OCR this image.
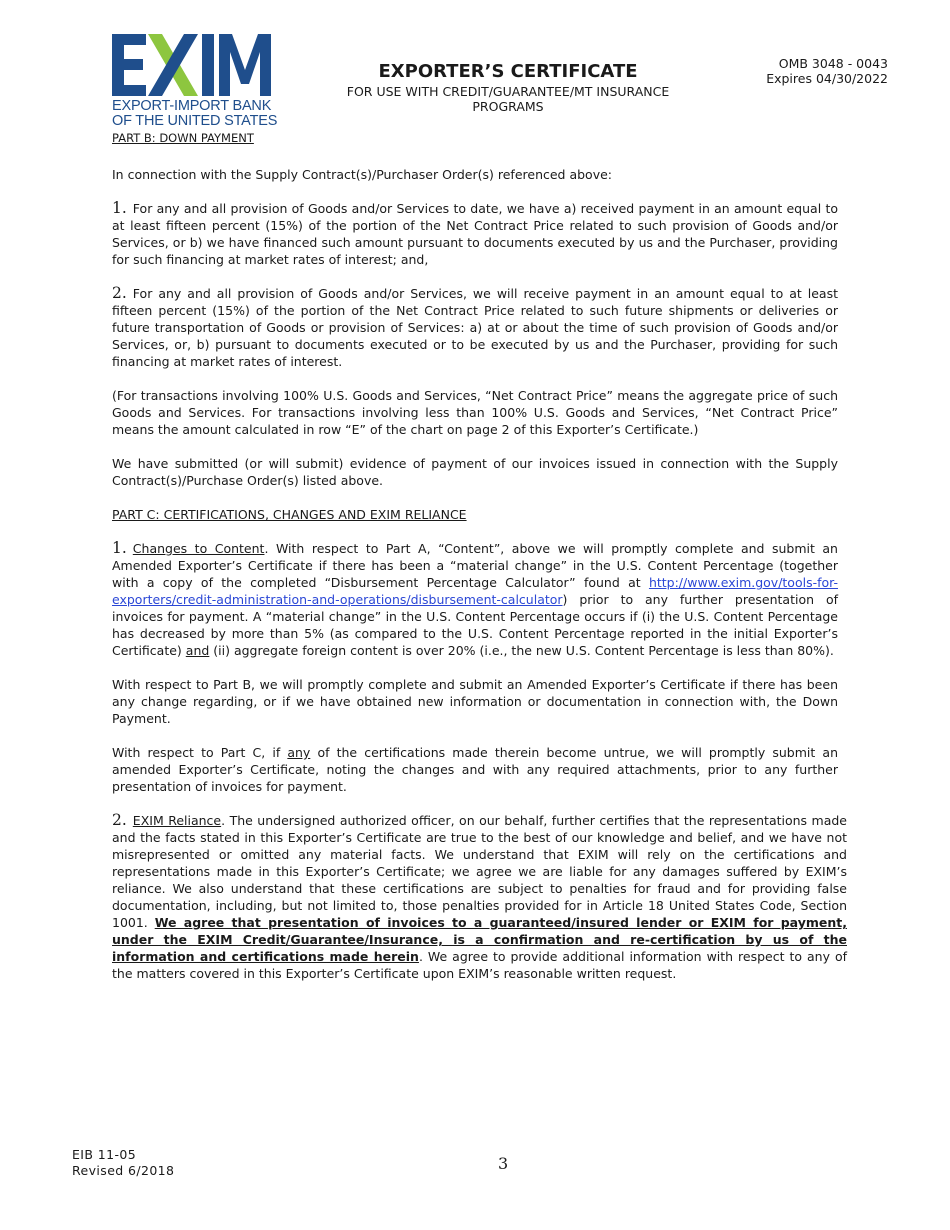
EXPORT-IMPORT BANK
OF THE UNITED STATES
PART B: DOWN PAYMENT
EXPORTER’S CERTIFICATE
FOR USE WITH CREDIT/GUARANTEE/MT INSURANCE PROGRAMS
OMB 3048 - 0043
Expires 04/30/2022

In connection with the Supply Contract(s)/Purchaser Order(s) referenced above:

1. For any and all provision of Goods and/or Services to date, we have a) received payment in an amount equal to at least fifteen percent (15%) of the portion of the Net Contract Price related to such provision of Goods and/or Services, or b) we have financed such amount pursuant to documents executed by us and the Purchaser, providing for such financing at market rates of interest; and,

2. For any and all provision of Goods and/or Services, we will receive payment in an amount equal to at least fifteen percent (15%) of the portion of the Net Contract Price related to such future shipments or deliveries or future transportation of Goods or provision of Services: a) at or about the time of such provision of Goods and/or Services, or, b) pursuant to documents executed or to be executed by us and the Purchaser, providing for such financing at market rates of interest.

(For transactions involving 100% U.S. Goods and Services, “Net Contract Price” means the aggregate price of such Goods and Services. For transactions involving less than 100% U.S. Goods and Services, “Net Contract Price” means the amount calculated in row “E” of the chart on page 2 of this Exporter’s Certificate.)

We have submitted (or will submit) evidence of payment of our invoices issued in connection with the Supply Contract(s)/Purchase Order(s) listed above.

PART C: CERTIFICATIONS, CHANGES AND EXIM RELIANCE

1. Changes to Content. With respect to Part A, “Content”, above we will promptly complete and submit an Amended Exporter’s Certificate if there has been a “material change” in the U.S. Content Percentage (together with a copy of the completed “Disbursement Percentage Calculator” found at http://www.exim.gov/tools-for-exporters/credit-administration-and-operations/disbursement-calculator) prior to any further presentation of invoices for payment. A “material change” in the U.S. Content Percentage occurs if (i) the U.S. Content Percentage has decreased by more than 5% (as compared to the U.S. Content Percentage reported in the initial Exporter’s Certificate) and (ii) aggregate foreign content is over 20% (i.e., the new U.S. Content Percentage is less than 80%).

With respect to Part B, we will promptly complete and submit an Amended Exporter’s Certificate if there has been any change regarding, or if we have obtained new information or documentation in connection with, the Down Payment.

With respect to Part C, if any of the certifications made therein become untrue, we will promptly submit an amended Exporter’s Certificate, noting the changes and with any required attachments, prior to any further presentation of invoices for payment.

2. EXIM Reliance. The undersigned authorized officer, on our behalf, further certifies that the representations made and the facts stated in this Exporter’s Certificate are true to the best of our knowledge and belief, and we have not misrepresented or omitted any material facts. We understand that EXIM will rely on the certifications and representations made in this Exporter’s Certificate; we agree we are liable for any damages suffered by EXIM’s reliance. We also understand that these certifications are subject to penalties for fraud and for providing false documentation, including, but not limited to, those penalties provided for in Article 18 United States Code, Section 1001. We agree that presentation of invoices to a guaranteed/insured lender or EXIM for payment, under the EXIM Credit/Guarantee/Insurance, is a confirmation and re-certification by us of the information and certifications made herein. We agree to provide additional information with respect to any of the matters covered in this Exporter’s Certificate upon EXIM’s reasonable written request.

EIB 11-05
Revised 6/2018	3
